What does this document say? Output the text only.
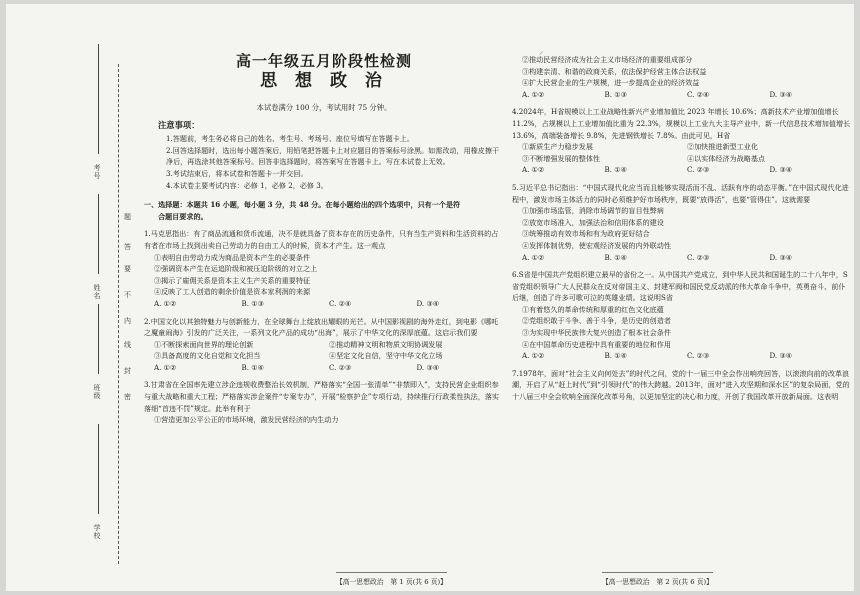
考号
姓名
班级
学校
题
答
要
不
内
线
封
密
高一年级五月阶段性检测
思 想 政 治
本试卷满分 100 分，考试用时 75 分钟。
注意事项：
1.答题前，考生务必将自己的姓名、考生号、考场号、座位号填写在答题卡上。
2.回答选择题时，选出每小题答案后，用铅笔把答题卡上对应题目的答案标号涂黑。如需改动，用橡皮擦干净后，再选涂其他答案标号。回答非选择题时，将答案写在答题卡上。写在本试卷上无效。
3.考试结束后，将本试卷和答题卡一并交回。
4.本试卷主要考试内容：必修 1，必修 2，必修 3。
一、选择题：本题共 16 小题，每小题 3 分，共 48 分。在每小题给出的四个选项中，只有一个是符
合题目要求的。
1.马克思指出：有了商品流通和货币流通，决不是就具备了资本存在的历史条件，只有当生产资料和生活资料的占有者在市场上找到出卖自己劳动力的自由工人的时候，资本才产生。这一观点
①表明自由劳动力成为商品是资本产生的必要条件
②强调资本产生在运追阶级和被压迫阶级的对立之上
③揭示了雇佣关系是资本主义生产关系的重要特征
④反映了工人创造的剩余价值是资本家利润的来源
A. ①②	B. ①③	C. ②④	D. ③④
2.中国文化以其独特魅力与创新能力，在全球舞台上绽放出耀眼的光芒。从中国影视剧的海外走红，到电影《哪吒之魔童闹海》引发的广泛关注，一系列文化产品的成功“出海”，展示了中华文化的深厚底蕴。这启示我们要
①不断探索面向世界的理论创新	②推动精神文明和物质文明协调发展
③具备高度的文化自觉和文化担当	④坚定文化自信，坚守中华文化立场
A. ①②	B. ①④	C. ②③	D. ③④
3.甘肃省在全国率先建立涉企违规收费整治长效机制，严格落实“全国一张清单”“非禁即入”，支持民营企业组织参与重大战略和重大工程；严格落实涉企案件“专案专办”，开展“检察护企”专项行动，持续推行行政柔性执法，落实落细“首违不罚”规定。此举有利于
①营造更加公平公正的市场环境，激发民营经济的内生动力
【高一思想政治　第 1 页(共 6 页)】
⸝
②推动民营经济成为社会主义市场经济的重要组成部分
③构建亲清、和谐的政商关系，依法保护经营主体合法权益
④扩大民营企业的生产规模，进一步提高企业的经济效益
A. ①②	B. ①③	C. ②④	D. ③④
4.2024年，H省规模以上工业战略性新兴产业增加值比 2023 年增长 10.6%；高新技术产业增加值增长 11.2%，占规模以上工业增加值比重为 22.3%，规模以上工业九大主导产业中，新一代信息技术增加值增长 13.6%，高端装备增长 9.8%，先进钢铁增长 7.8%。由此可见，H省
①新质生产力稳步发展	②加快推进新型工业化
③不断增强发展的整体性	④以实体经济为战略基点
A. ①②	B. ①④	C. ②③	D. ③④
5.习近平总书记指出：“中国式现代化应当而且能够实现活而不乱、活跃有序的动态平衡。”在中国式现代化进程中，激发市场主体活力的同时必须维护好市场秩序，既要“放得活”，也要“管得住”。这就需要
①加强市场监管，消除市场调节的盲目性弊病
②放宽市场准入，加强法治和信用体系的建设
③统筹推动有效市场和有为政府更好结合
④发挥体制优势，使宏观经济发展的内外联动性
A. ①②	B. ①④	C. ②③	D. ③④
6.S省是中国共产党组织建立最早的省份之一。从中国共产党成立，到中华人民共和国诞生的二十八年中，S省党组织领导广大人民群众在反对帝国主义、封建军阀和国民党反动派的伟大革命斗争中，英勇奋斗、前仆后继，创造了许多可歌可泣的英雄业绩。这说明S省
①有着悠久的革命传统和厚重的红色文化底蕴
②党组织敢于斗争、善于斗争，是历史的创造者
③为实现中华民族伟大复兴创造了根本社会条件
④在中国革命历史进程中具有重要的地位和作用
A. ①②	B. ①④	C. ②③	D. ③④
7.1978年，面对“社会主义向何处去”的时代之问，党的十一届三中全会作出响亮回答，以滚滚向前的改革浪潮，开启了从“赶上时代”到“引领时代”的伟大跨越。2013年，面对“进入攻坚期和深水区”的复杂局面，党的十八届三中全会吹响全面深化改革号角，以更加坚定的决心和力度，开创了我国改革开放新局面。这表明
【高一思想政治　第 2 页(共 6 页)】
